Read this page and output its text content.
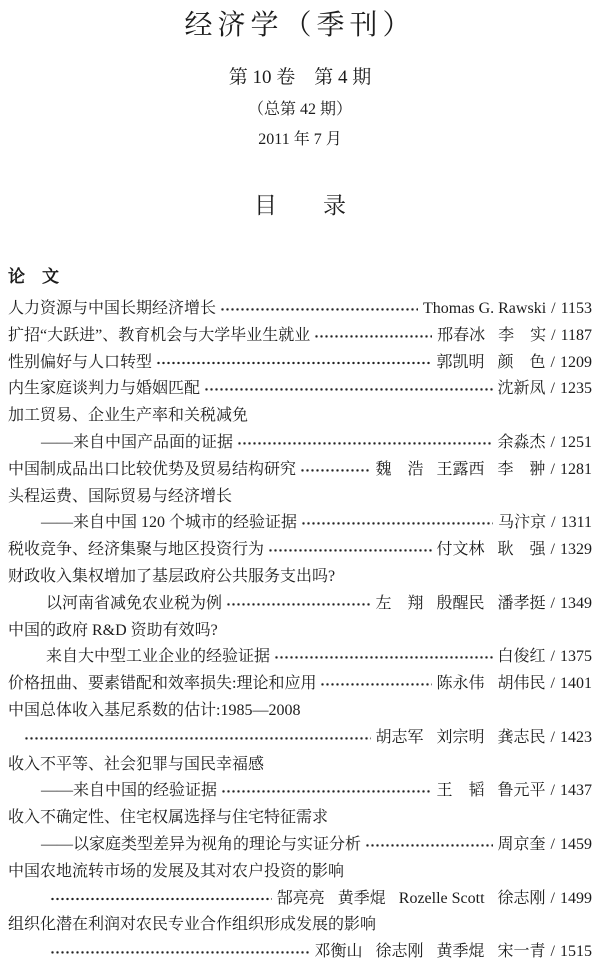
经济学（季刊）
第 10 卷　第 4 期
（总第 42 期）
2011 年 7 月
目　　录
论　文
人力资源与中国长期经济增长	Thomas G. Rawski / 1153
扩招“大跃进”、教育机会与大学毕业生就业	邢春冰 李　实 / 1187
性别偏好与人口转型	郭凯明 颜　色 / 1209
内生家庭谈判力与婚姻匹配	沈新凤 / 1235
加工贸易、企业生产率和关税减免
——来自中国产品面的证据	余淼杰 / 1251
中国制成品出口比较优势及贸易结构研究	魏　浩 王露西 李　翀 / 1281
头程运费、国际贸易与经济增长
——来自中国 120 个城市的经验证据	马汴京 / 1311
税收竞争、经济集聚与地区投资行为	付文林 耿　强 / 1329
财政收入集权增加了基层政府公共服务支出吗?
以河南省减免农业税为例	左　翔 殷醒民 潘孝挺 / 1349
中国的政府 R&D 资助有效吗?
来自大中型工业企业的经验证据	白俊红 / 1375
价格扭曲、要素错配和效率损失:理论和应用	陈永伟 胡伟民 / 1401
中国总体收入基尼系数的估计:1985—2008
胡志军 刘宗明 龚志民 / 1423
收入不平等、社会犯罪与国民幸福感
——来自中国的经验证据	王　韬 鲁元平 / 1437
收入不确定性、住宅权属选择与住宅特征需求
——以家庭类型差异为视角的理论与实证分析	周京奎 / 1459
中国农地流转市场的发展及其对农户投资的影响
郜亮亮 黄季焜 Rozelle Scott 徐志刚 / 1499
组织化潜在利润对农民专业合作组织形成发展的影响
邓衡山 徐志刚 黄季焜 宋一青 / 1515
